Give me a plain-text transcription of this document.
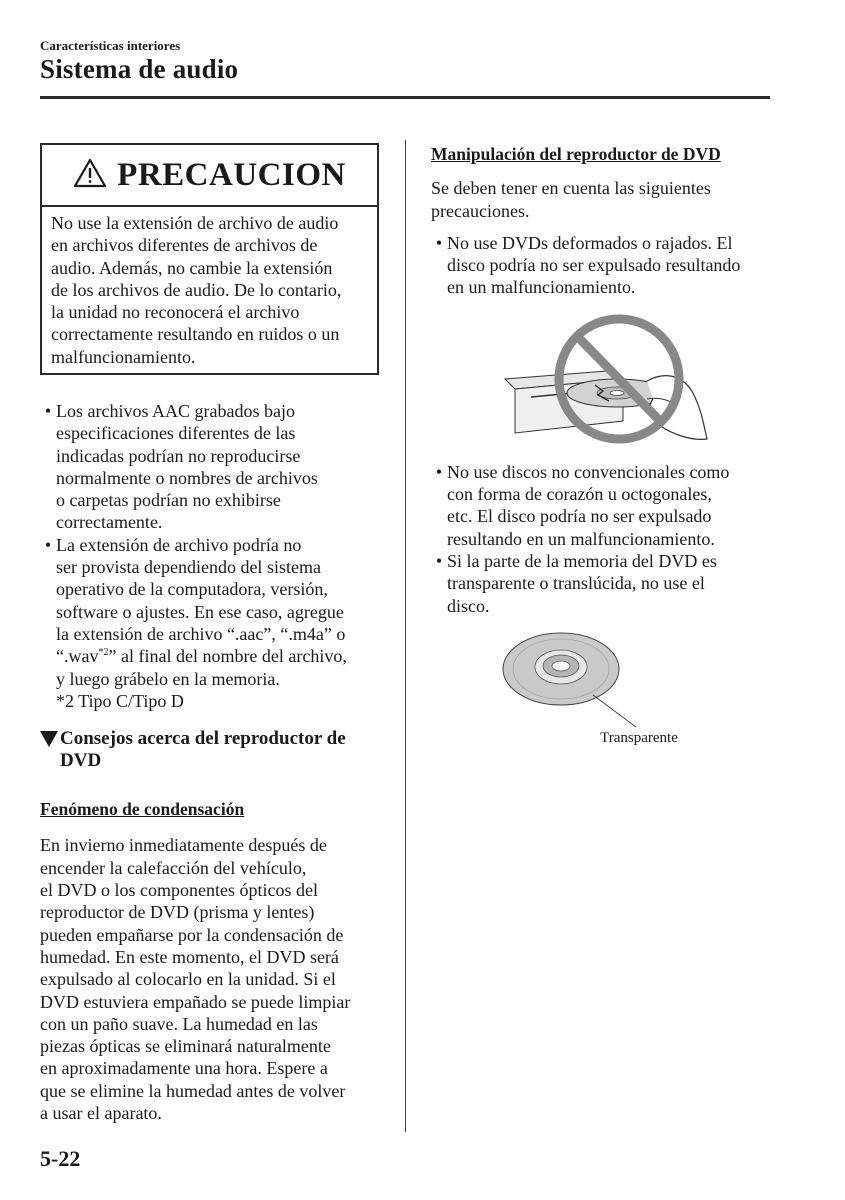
Características interiores
Sistema de audio
PRECAUCION
No use la extensión de archivo de audio
en archivos diferentes de archivos de
audio. Además, no cambie la extensión
de los archivos de audio. De lo contario,
la unidad no reconocerá el archivo
correctamente resultando en ruidos o un
malfuncionamiento.
• Los archivos AAC grabados bajo
especificaciones diferentes de las
indicadas podrían no reproducirse
normalmente o nombres de archivos
o carpetas podrían no exhibirse
correctamente.
• La extensión de archivo podría no
ser provista dependiendo del sistema
operativo de la computadora, versión,
software o ajustes. En ese caso, agregue
la extensión de archivo “.aac”, “.m4a” o
“.wav$^{*2}$” al final del nombre del archivo,
y luego grábelo en la memoria.
*2 Tipo C/Tipo D
Consejos acerca del reproductor de
DVD
Fenómeno de condensación
En invierno inmediatamente después de
encender la calefacción del vehículo,
el DVD o los componentes ópticos del
reproductor de DVD (prisma y lentes)
pueden empañarse por la condensación de
humedad. En este momento, el DVD será
expulsado al colocarlo en la unidad. Si el
DVD estuviera empañado se puede limpiar
con un paño suave. La humedad en las
piezas ópticas se eliminará naturalmente
en aproximadamente una hora. Espere a
que se elimine la humedad antes de volver
a usar el aparato.
Manipulación del reproductor de DVD
Se deben tener en cuenta las siguientes
precauciones.
• No use DVDs deformados o rajados. El
disco podría no ser expulsado resultando
en un malfuncionamiento.
• No use discos no convencionales como
con forma de corazón u octogonales,
etc. El disco podría no ser expulsado
resultando en un malfuncionamiento.
• Si la parte de la memoria del DVD es
transparente o translúcida, no use el
disco.
Transparente
5-22
